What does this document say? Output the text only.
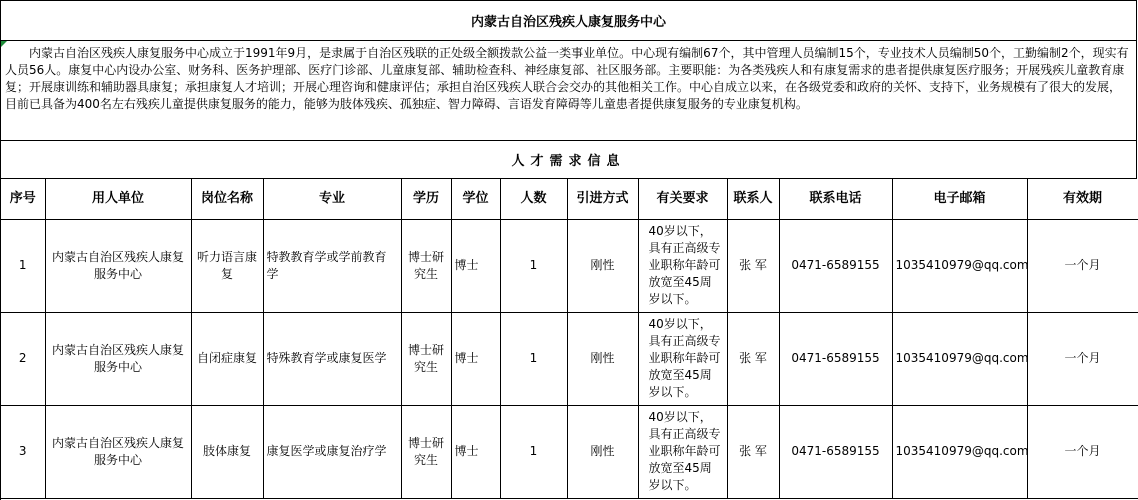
内蒙古自治区残疾人康复服务中心
内蒙古自治区残疾人康复服务中心成立于1991年9月，是隶属于自治区残联的正处级全额拨款公益一类事业单位。中心现有编制67个，其中管理人员编制15个，专业技术人员编制50个，工勤编制2个，现实有人员56人。康复中心内设办公室、财务科、医务护理部、医疗门诊部、儿童康复部、辅助检查科、神经康复部、社区服务部。主要职能：为各类残疾人和有康复需求的患者提供康复医疗服务；开展残疾儿童教育康复；开展康训练和辅助器具康复；承担康复人才培训；开展心理咨询和健康评估；承担自治区残疾人联合会交办的其他相关工作。中心自成立以来，在各级党委和政府的关怀、支持下，业务规模有了很大的发展，目前已具备为400名左右残疾儿童提供康复服务的能力，能够为肢体残疾、孤独症、智力障碍、言语发育障碍等儿童患者提供康复服务的专业康复机构。
人才需求信息
序号	用人单位	岗位名称	专业	学历	学位	人数	引进方式	有关要求	联系人	联系电话	电子邮箱	有效期
1	内蒙古自治区残疾人康复服务中心	听力语言康复	特教教育学或学前教育学	博士研究生	博士	1	刚性	40岁以下，具有正高级专业职称年龄可放宽至45周岁以下。	张 军	0471-6589155	1035410979@qq.com	一个月
2	内蒙古自治区残疾人康复服务中心	自闭症康复	特殊教育学或康复医学	博士研究生	博士	1	刚性	40岁以下，具有正高级专业职称年龄可放宽至45周岁以下。	张 军	0471-6589155	1035410979@qq.com	一个月
3	内蒙古自治区残疾人康复服务中心	肢体康复	康复医学或康复治疗学	博士研究生	博士	1	刚性	40岁以下，具有正高级专业职称年龄可放宽至45周岁以下。	张 军	0471-6589155	1035410979@qq.com	一个月
